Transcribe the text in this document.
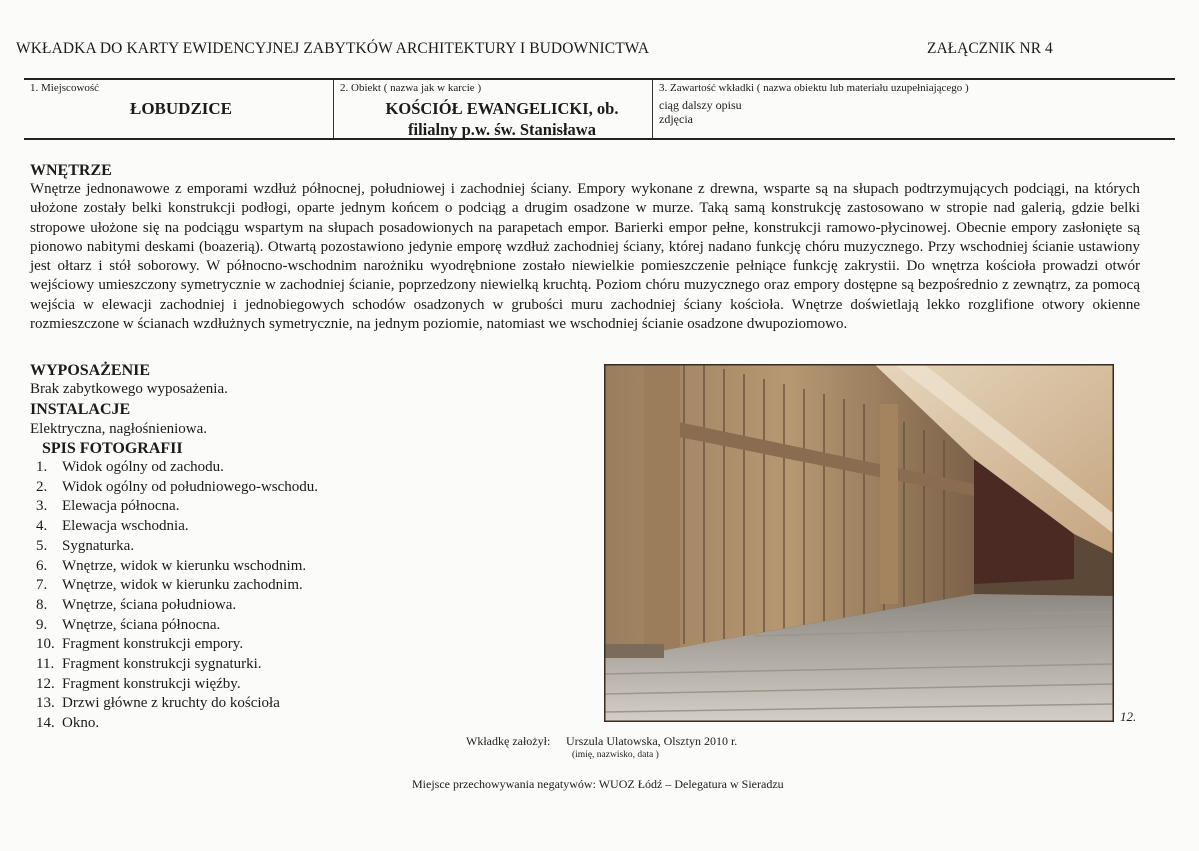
WKŁADKA DO KARTY EWIDENCYJNEJ ZABYTKÓW ARCHITEKTURY I BUDOWNICTWA	ZAŁĄCZNIK NR 4
1. Miejscowość
ŁOBUDZICE
2. Obiekt ( nazwa jak w karcie )
KOŚCIÓŁ EWANGELICKI, ob.
filialny p.w. św. Stanisława
3. Zawartość wkładki ( nazwa obiektu lub materiału uzupełniającego )
ciąg dalszy opisu
zdjęcia
WNĘTRZE
Wnętrze jednonawowe z emporami wzdłuż północnej, południowej i zachodniej ściany. Empory wykonane z drewna, wsparte są na słupach podtrzymujących podciągi, na których ułożone zostały belki konstrukcji podłogi, oparte jednym końcem o podciąg a drugim osadzone w murze. Taką samą konstrukcję zastosowano w stropie nad galerią, gdzie belki stropowe ułożone się na podciągu wspartym na słupach posadowionych na parapetach empor. Barierki empor pełne, konstrukcji ramowo-płycinowej. Obecnie empory zasłonięte są pionowo nabitymi deskami (boazerią). Otwartą pozostawiono jedynie emporę wzdłuż zachodniej ściany, której nadano funkcję chóru muzycznego. Przy wschodniej ścianie ustawiony jest ołtarz i stół soborowy. W północno-wschodnim narożniku wyodrębnione zostało niewielkie pomieszczenie pełniące funkcję zakrystii. Do wnętrza kościoła prowadzi otwór wejściowy umieszczony symetrycznie w zachodniej ścianie, poprzedzony niewielką kruchtą. Poziom chóru muzycznego oraz empory dostępne są bezpośrednio z zewnątrz, za pomocą wejścia w elewacji zachodniej i jednobiegowych schodów osadzonych w grubości muru zachodniej ściany kościoła. Wnętrze doświetlają lekko rozglifione otwory okienne rozmieszczone w ścianach wzdłużnych symetrycznie, na jednym poziomie, natomiast we wschodniej ścianie osadzone dwupoziomowo.
WYPOSAŻENIE
Brak zabytkowego wyposażenia.
INSTALACJE
Elektryczna, nagłośnieniowa.
SPIS FOTOGRAFII
1. Widok ogólny od zachodu.
2. Widok ogólny od południowego-wschodu.
3. Elewacja północna.
4. Elewacja wschodnia.
5. Sygnaturka.
6. Wnętrze, widok w kierunku wschodnim.
7. Wnętrze, widok w kierunku zachodnim.
8. Wnętrze, ściana południowa.
9. Wnętrze, ściana północna.
10. Fragment konstrukcji empory.
11. Fragment konstrukcji sygnaturki.
12. Fragment konstrukcji więźby.
13. Drzwi główne z kruchty do kościoła
14. Okno.	12.
Wkładkę założył: Urszula Ulatowska, Olsztyn 2010 r.
(imię, nazwisko, data )
Miejsce przechowywania negatywów: WUOZ Łódź – Delegatura w Sieradzu
